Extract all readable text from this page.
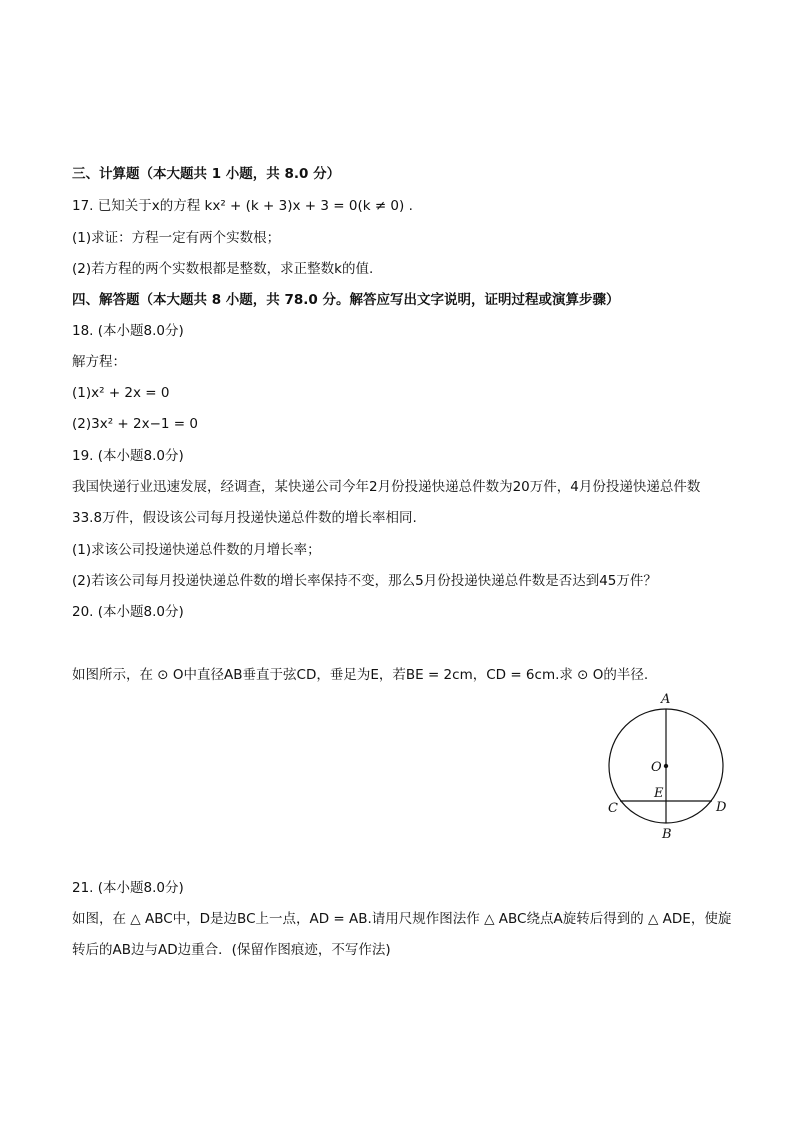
三、计算题（本大题共 1 小题，共 8.0 分）
17. 已知关于x的方程 kx² + (k + 3)x + 3 = 0(k ≠ 0) .
(1)求证：方程一定有两个实数根；
(2)若方程的两个实数根都是整数，求正整数k的值.
四、解答题（本大题共 8 小题，共 78.0 分。解答应写出文字说明，证明过程或演算步骤）
18. (本小题8.0分)
解方程：
(1)x² + 2x = 0
(2)3x² + 2x−1 = 0
19. (本小题8.0分)
我国快递行业迅速发展，经调查，某快递公司今年2月份投递快递总件数为20万件，4月份投递快递总件数
33.8万件，假设该公司每月投递快递总件数的增长率相同.
(1)求该公司投递快递总件数的月增长率；
(2)若该公司每月投递快递总件数的增长率保持不变，那么5月份投递快递总件数是否达到45万件？
20. (本小题8.0分)
如图所示，在 ⊙ O中直径AB垂直于弦CD，垂足为E，若BE = 2cm，CD = 6cm.求 ⊙ O的半径.
A
O
E
C	D
B
21. (本小题8.0分)
如图，在 △ ABC中，D是边BC上一点，AD = AB.请用尺规作图法作 △ ABC绕点A旋转后得到的 △ ADE，使旋
转后的AB边与AD边重合．(保留作图痕迹，不写作法)
